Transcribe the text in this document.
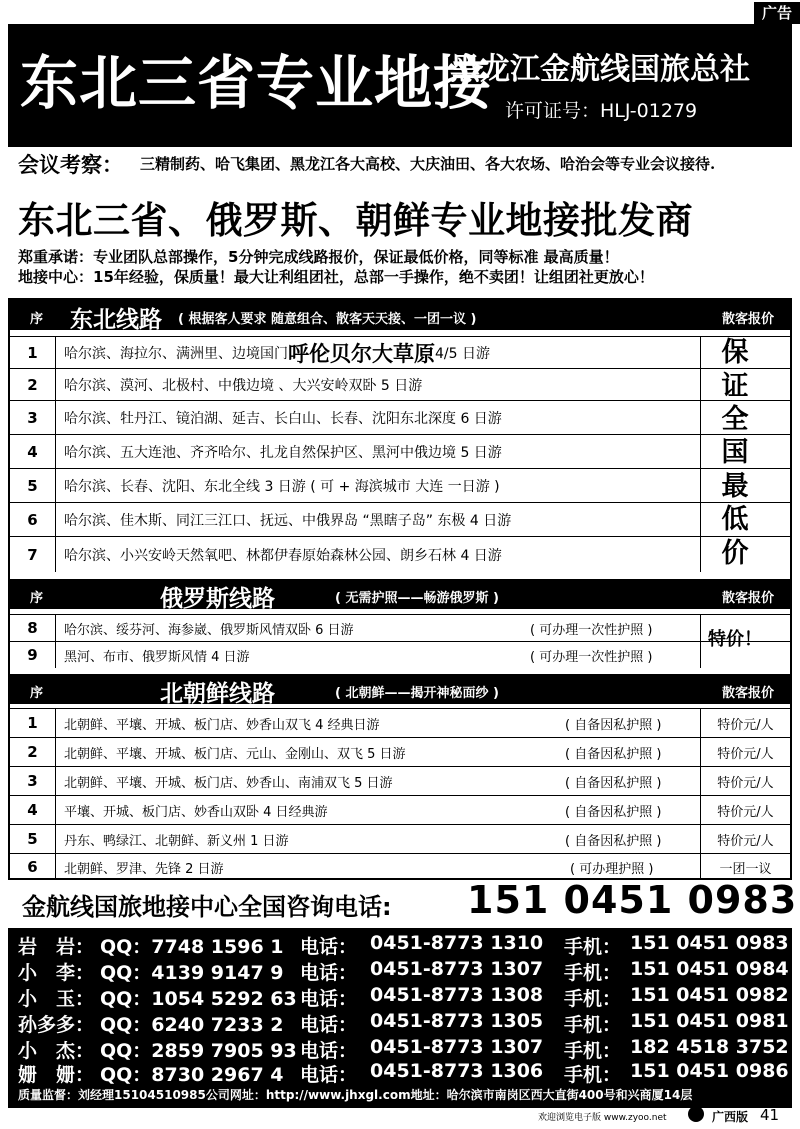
广告
东北三省专业地接
黑龙江金航线国旅总社
许可证号：HLJ-01279
会议考察： 三精制药、哈飞集团、黑龙江各大高校、大庆油田、各大农场、哈治会等专业会议接待.
东北三省、俄罗斯、朝鲜专业地接批发商
郑重承诺：专业团队总部操作，5分钟完成线路报价，保证最低价格，同等标准 最高质量！
地接中心：15年经验，保质量！最大让利组团社，总部一手操作，绝不卖团！让组团社更放心！
序 东北线路 ( 根据客人要求 随意组合、散客天天接、一团一议 )	散客报价
1	哈尔滨、海拉尔、满洲里、边境国门 呼伦贝尔大草原 4/5 日游
2	哈尔滨、漠河、北极村、中俄边境 、大兴安岭双卧 5 日游
3	哈尔滨、牡丹江、镜泊湖、延吉、长白山、长春、沈阳东北深度 6 日游
4	哈尔滨、五大连池、齐齐哈尔、扎龙自然保护区、黑河中俄边境 5 日游
5	哈尔滨、长春、沈阳、东北全线 3 日游 ( 可 + 海滨城市 大连 一日游 )
6	哈尔滨、佳木斯、同江三江口、抚远、中俄界岛 “黑瞎子岛” 东极 4 日游
7	哈尔滨、小兴安岭天然氧吧、林都伊春原始森林公园、朗乡石林 4 日游
序	俄罗斯线路	( 无需护照——畅游俄罗斯 )	散客报价
8	哈尔滨、绥芬河、海参崴、俄罗斯风情双卧 6 日游	( 可办理一次性护照 )
9	黑河、布市、俄罗斯风情 4 日游	( 可办理一次性护照 )
序	北朝鲜线路	( 北朝鲜——揭开神秘面纱 )	散客报价
1	北朝鲜、平壤、开城、板门店、妙香山双飞 4 经典日游	( 自备因私护照 )	特价元/人
2	北朝鲜、平壤、开城、板门店、元山、金刚山、双飞 5 日游	( 自备因私护照 )	特价元/人
3	北朝鲜、平壤、开城、板门店、妙香山、南浦双飞 5 日游	( 自备因私护照 )	特价元/人
4	平壤、开城、板门店、妙香山双卧 4 日经典游	( 自备因私护照 )	特价元/人
5	丹东、鸭绿江、北朝鲜、新义州 1 日游	( 自备因私护照 )	特价元/人
6	北朝鲜、罗津、先锋 2 日游	( 可办理护照 )	一团一议
保
证
全
国
最
低
价
特价！
金航线国旅地接中心全国咨询电话: 151 0451 0983
岩　岩： QQ：7748 1596 1 电话： 0451-8773 1310 手机： 151 0451 0983
小　李： QQ：4139 9147 9 电话： 0451-8773 1307 手机： 151 0451 0984
小　玉： QQ：1054 5292 63 电话： 0451-8773 1308 手机： 151 0451 0982
孙多多： QQ：6240 7233 2 电话： 0451-8773 1305 手机： 151 0451 0981
小　杰： QQ：2859 7905 93 电话： 0451-8773 1307 手机： 182 4518 3752
姗　姗： QQ：8730 2967 4 电话： 0451-8773 1306 手机： 151 0451 0986
质量监督：刘经理15104510985公司网址：http://www.jhxgl.com地址：哈尔滨市南岗区西大直街400号和兴商厦14层
欢迎浏览电子版 www.zyoo.net	广西版 41
